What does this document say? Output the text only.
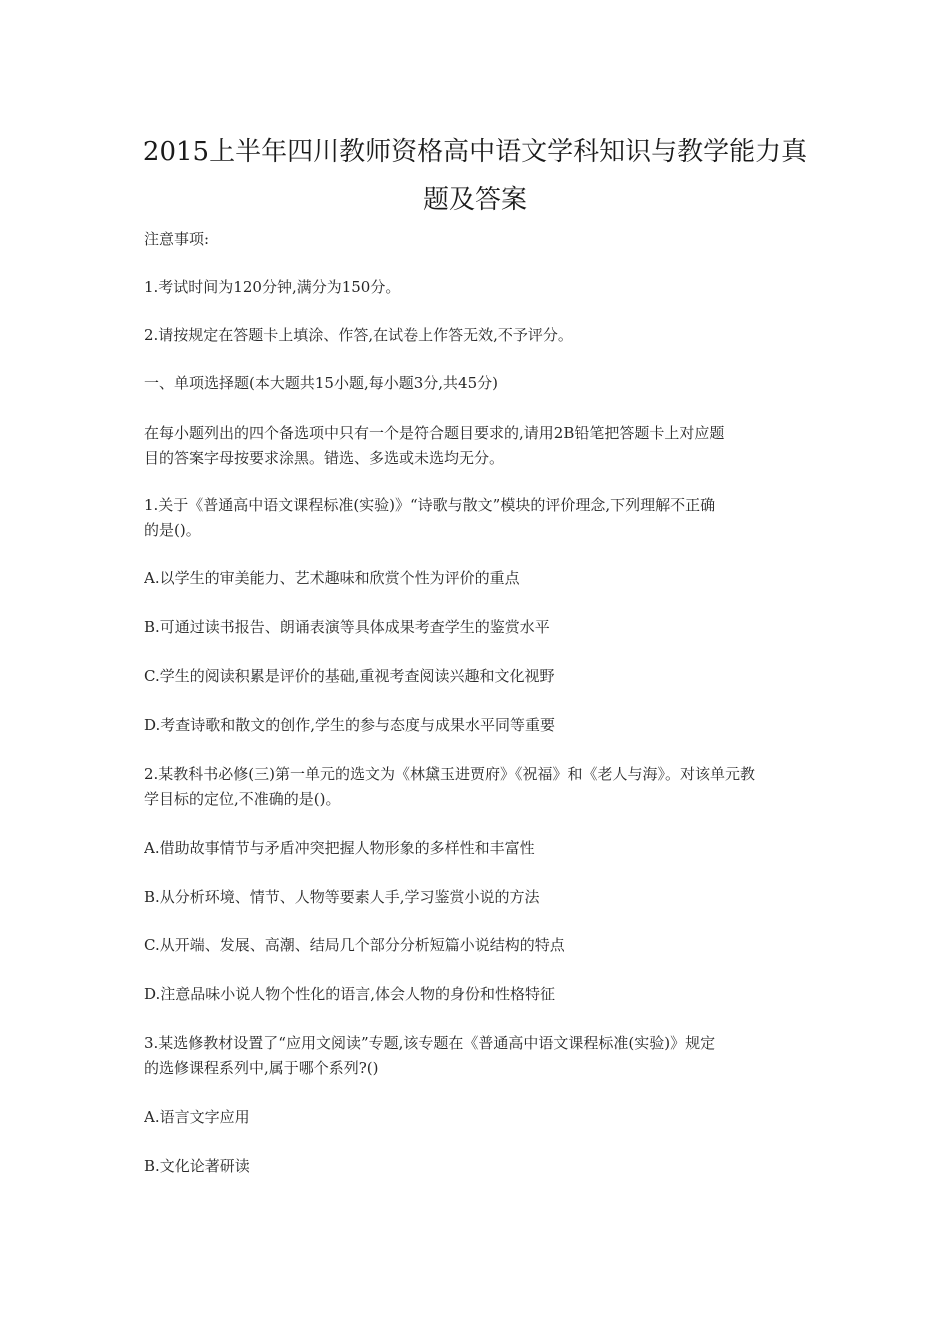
2015上半年四川教师资格高中语文学科知识与教学能力真
题及答案
注意事项:
1.考试时间为120分钟,满分为150分。
2.请按规定在答题卡上填涂、作答,在试卷上作答无效,不予评分。
一、单项选择题(本大题共15小题,每小题3分,共45分)
在每小题列出的四个备选项中只有一个是符合题目要求的,请用2B铅笔把答题卡上对应题
目的答案字母按要求涂黑。错选、多选或未选均无分。
1.关于《普通高中语文课程标准(实验)》“诗歌与散文”模块的评价理念,下列理解不正确
的是()。
A.以学生的审美能力、艺术趣味和欣赏个性为评价的重点
B.可通过读书报告、朗诵表演等具体成果考查学生的鉴赏水平
C.学生的阅读积累是评价的基础,重视考查阅读兴趣和文化视野
D.考查诗歌和散文的创作,学生的参与态度与成果水平同等重要
2.某教科书必修(三)第一单元的选文为《林黛玉进贾府》《祝福》和《老人与海》。对该单元教
学目标的定位,不准确的是()。
A.借助故事情节与矛盾冲突把握人物形象的多样性和丰富性
B.从分析环境、情节、人物等要素人手,学习鉴赏小说的方法
C.从开端、发展、高潮、结局几个部分分析短篇小说结构的特点
D.注意品味小说人物个性化的语言,体会人物的身份和性格特征
3.某选修教材设置了“应用文阅读”专题,该专题在《普通高中语文课程标准(实验)》规定
的选修课程系列中,属于哪个系列?()
A.语言文字应用
B.文化论著研读
